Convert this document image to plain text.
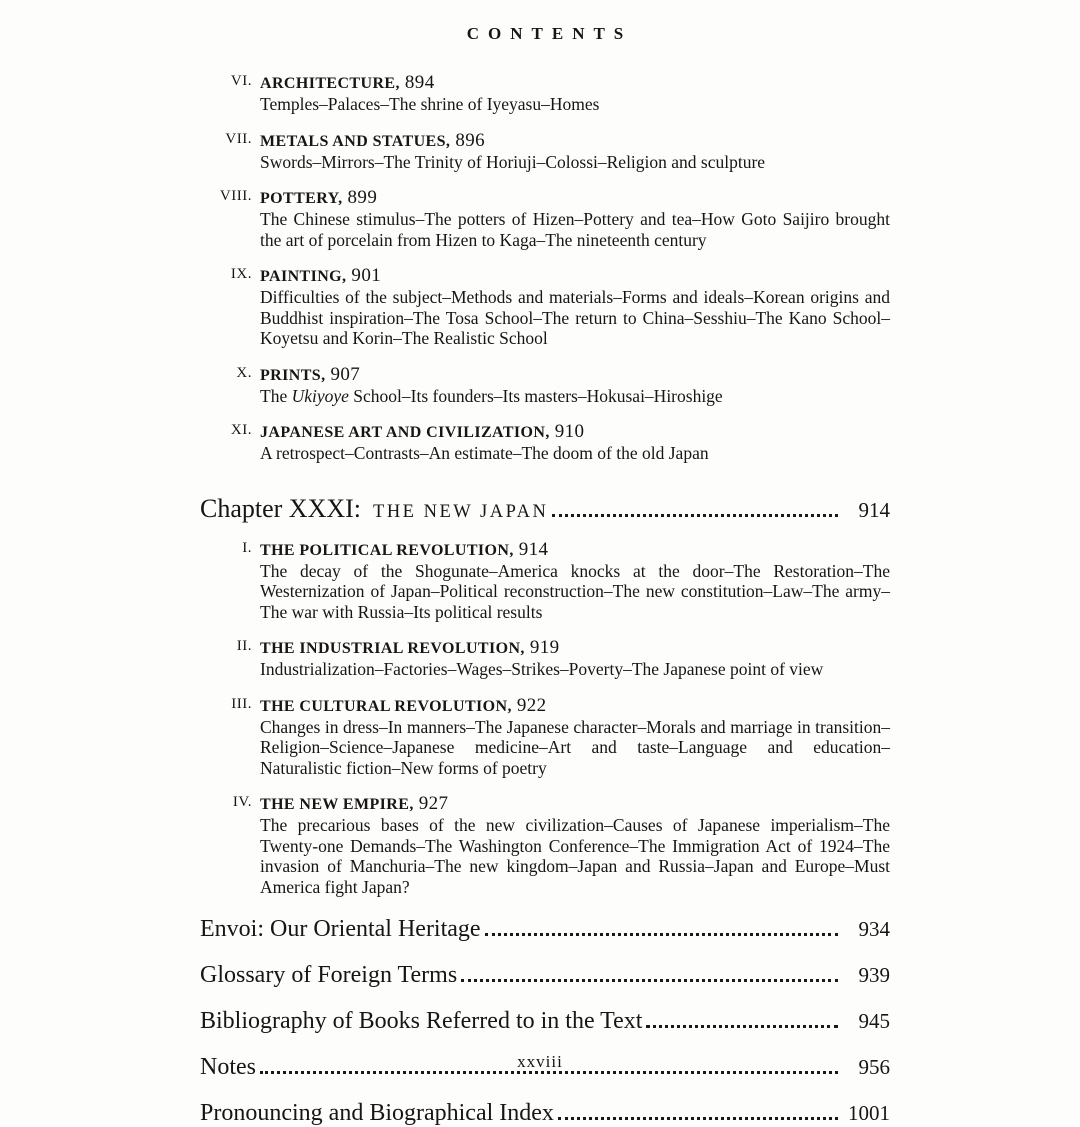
CONTENTS
VI. ARCHITECTURE, 894
Temples–Palaces–The shrine of Iyeyasu–Homes
VII. METALS AND STATUES, 896
Swords–Mirrors–The Trinity of Horiuji–Colossi–Religion and sculpture
VIII. POTTERY, 899
The Chinese stimulus–The potters of Hizen–Pottery and tea–How Goto Saijiro brought the art of porcelain from Hizen to Kaga–The nineteenth century
IX. PAINTING, 901
Difficulties of the subject–Methods and materials–Forms and ideals–Korean origins and Buddhist inspiration–The Tosa School–The return to China–Sesshiu–The Kano School–Koyetsu and Korin–The Realistic School
X. PRINTS, 907
The Ukiyoye School–Its founders–Its masters–Hokusai–Hiroshige
XI. JAPANESE ART AND CIVILIZATION, 910
A retrospect–Contrasts–An estimate–The doom of the old Japan
Chapter XXXI: THE NEW JAPAN	914
I. THE POLITICAL REVOLUTION, 914
The decay of the Shogunate–America knocks at the door–The Restoration–The Westernization of Japan–Political reconstruction–The new constitution–Law–The army–The war with Russia–Its political results
II. THE INDUSTRIAL REVOLUTION, 919
Industrialization–Factories–Wages–Strikes–Poverty–The Japanese point of view
III. THE CULTURAL REVOLUTION, 922
Changes in dress–In manners–The Japanese character–Morals and marriage in transition–Religion–Science–Japanese medicine–Art and taste–Language and education–Naturalistic fiction–New forms of poetry
IV. THE NEW EMPIRE, 927
The precarious bases of the new civilization–Causes of Japanese imperialism–The Twenty-one Demands–The Washington Conference–The Immigration Act of 1924–The invasion of Manchuria–The new kingdom–Japan and Russia–Japan and Europe–Must America fight Japan?
Envoi: Our Oriental Heritage	934
Glossary of Foreign Terms	939
Bibliography of Books Referred to in the Text	945
Notes	956
Pronouncing and Biographical Index	1001
xxviii
